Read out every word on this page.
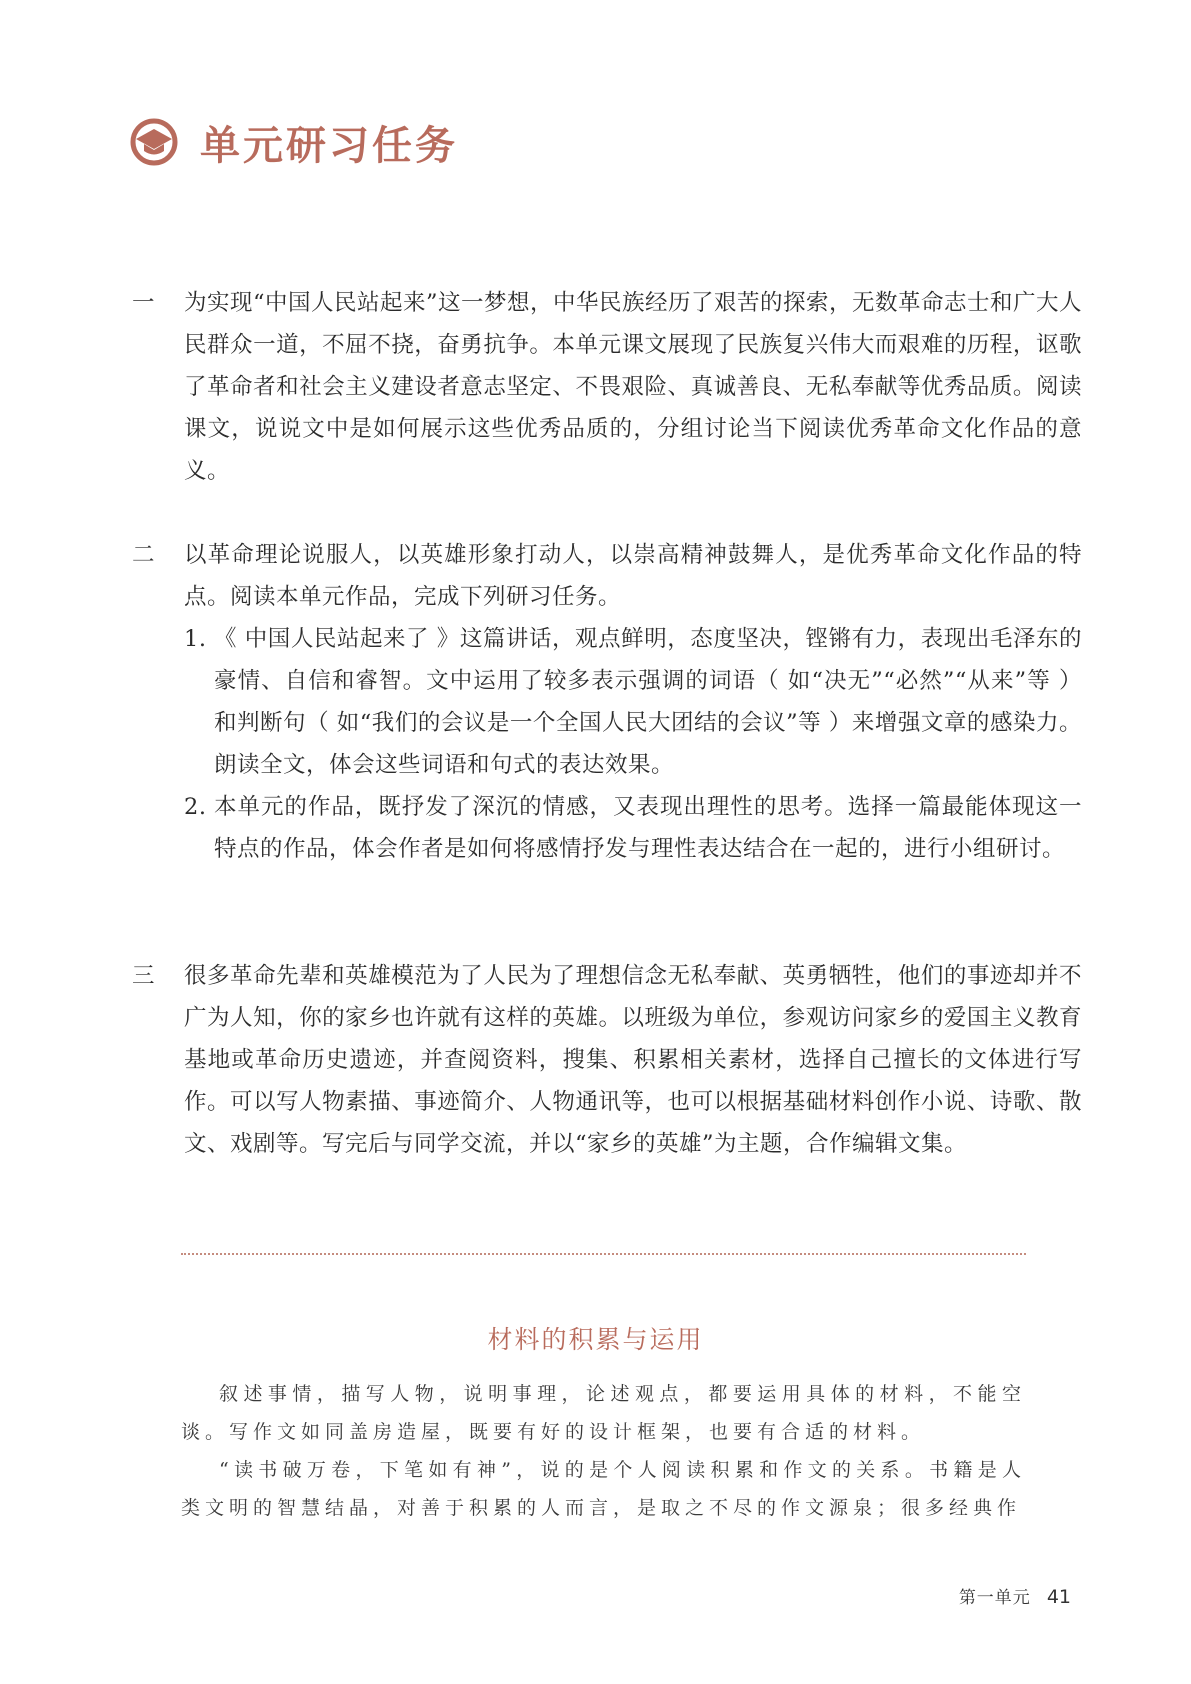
单元研习任务
一	为实现“中国人民站起来”这一梦想，中华民族经历了艰苦的探索，无数革命志士和广大人民群众一道，不屈不挠，奋勇抗争。本单元课文展现了民族复兴伟大而艰难的历程，讴歌了革命者和社会主义建设者意志坚定、不畏艰险、真诚善良、无私奉献等优秀品质。阅读课文，说说文中是如何展示这些优秀品质的，分组讨论当下阅读优秀革命文化作品的意义。
二	以革命理论说服人，以英雄形象打动人，以崇高精神鼓舞人，是优秀革命文化作品的特点。阅读本单元作品，完成下列研习任务。
1. 《 中国人民站起来了 》这篇讲话，观点鲜明，态度坚决，铿锵有力，表现出毛泽东的豪情、自信和睿智。文中运用了较多表示强调的词语（ 如“决无”“必然”“从来”等 ）和判断句（ 如“我们的会议是一个全国人民大团结的会议”等 ）来增强文章的感染力。朗读全文，体会这些词语和句式的表达效果。
2. 本单元的作品，既抒发了深沉的情感，又表现出理性的思考。选择一篇最能体现这一特点的作品，体会作者是如何将感情抒发与理性表达结合在一起的，进行小组研讨。
三	很多革命先辈和英雄模范为了人民为了理想信念无私奉献、英勇牺牲，他们的事迹却并不广为人知，你的家乡也许就有这样的英雄。以班级为单位，参观访问家乡的爱国主义教育基地或革命历史遗迹，并查阅资料，搜集、积累相关素材，选择自己擅长的文体进行写作。可以写人物素描、事迹简介、人物通讯等，也可以根据基础材料创作小说、诗歌、散文、戏剧等。写完后与同学交流，并以“家乡的英雄”为主题，合作编辑文集。
材料的积累与运用

叙述事情，描写人物，说明事理，论述观点，都要运用具体的材料，不能空谈。写作文如同盖房造屋，既要有好的设计框架，也要有合适的材料。

“读书破万卷，下笔如有神”，说的是个人阅读积累和作文的关系。书籍是人类文明的智慧结晶，对善于积累的人而言，是取之不尽的作文源泉；很多经典作

第一单元 41
